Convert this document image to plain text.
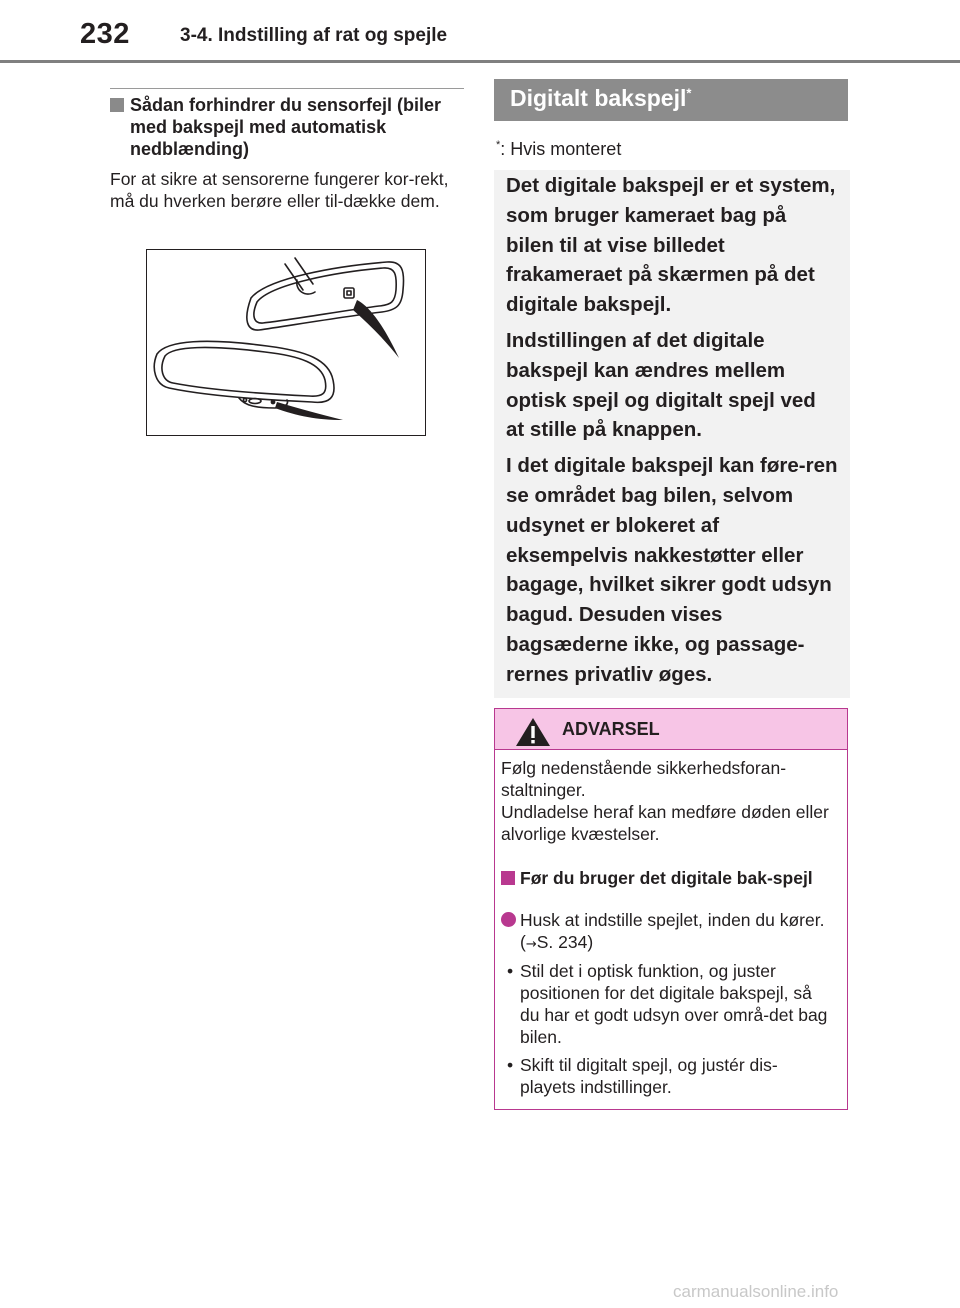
232	3-4. Indstilling af rat og spejle
Sådan forhindrer du sensorfejl (biler med bakspejl med automatisk nedblænding)
For at sikre at sensorerne fungerer kor-rekt, må du hverken berøre eller til-dække dem.
Digitalt bakspejl*
*: Hvis monteret

Det digitale bakspejl er et system, som bruger kameraet bag på bilen til at vise billedet frakameraet på skærmen på det digitale bakspejl.

Indstillingen af det digitale bakspejl kan ændres mellem optisk spejl og digitalt spejl ved at stille på knappen.

I det digitale bakspejl kan føre-ren se området bag bilen, selvom udsynet er blokeret af eksempelvis nakkestøtter eller bagage, hvilket sikrer godt udsyn bagud. Desuden vises bagsæderne ikke, og passage-rernes privatliv øges.

ADVARSEL
Følg nedenstående sikkerhedsforan-staltninger.
Undladelse heraf kan medføre døden eller alvorlige kvæstelser.
Før du bruger det digitale bak-spejl
Husk at indstille spejlet, inden du kører. (→S. 234)
• Stil det i optisk funktion, og juster positionen for det digitale bakspejl, så du har et godt udsyn over områ-det bag bilen.
• Skift til digitalt spejl, og justér dis-playets indstillinger.
carmanualsonline.info
